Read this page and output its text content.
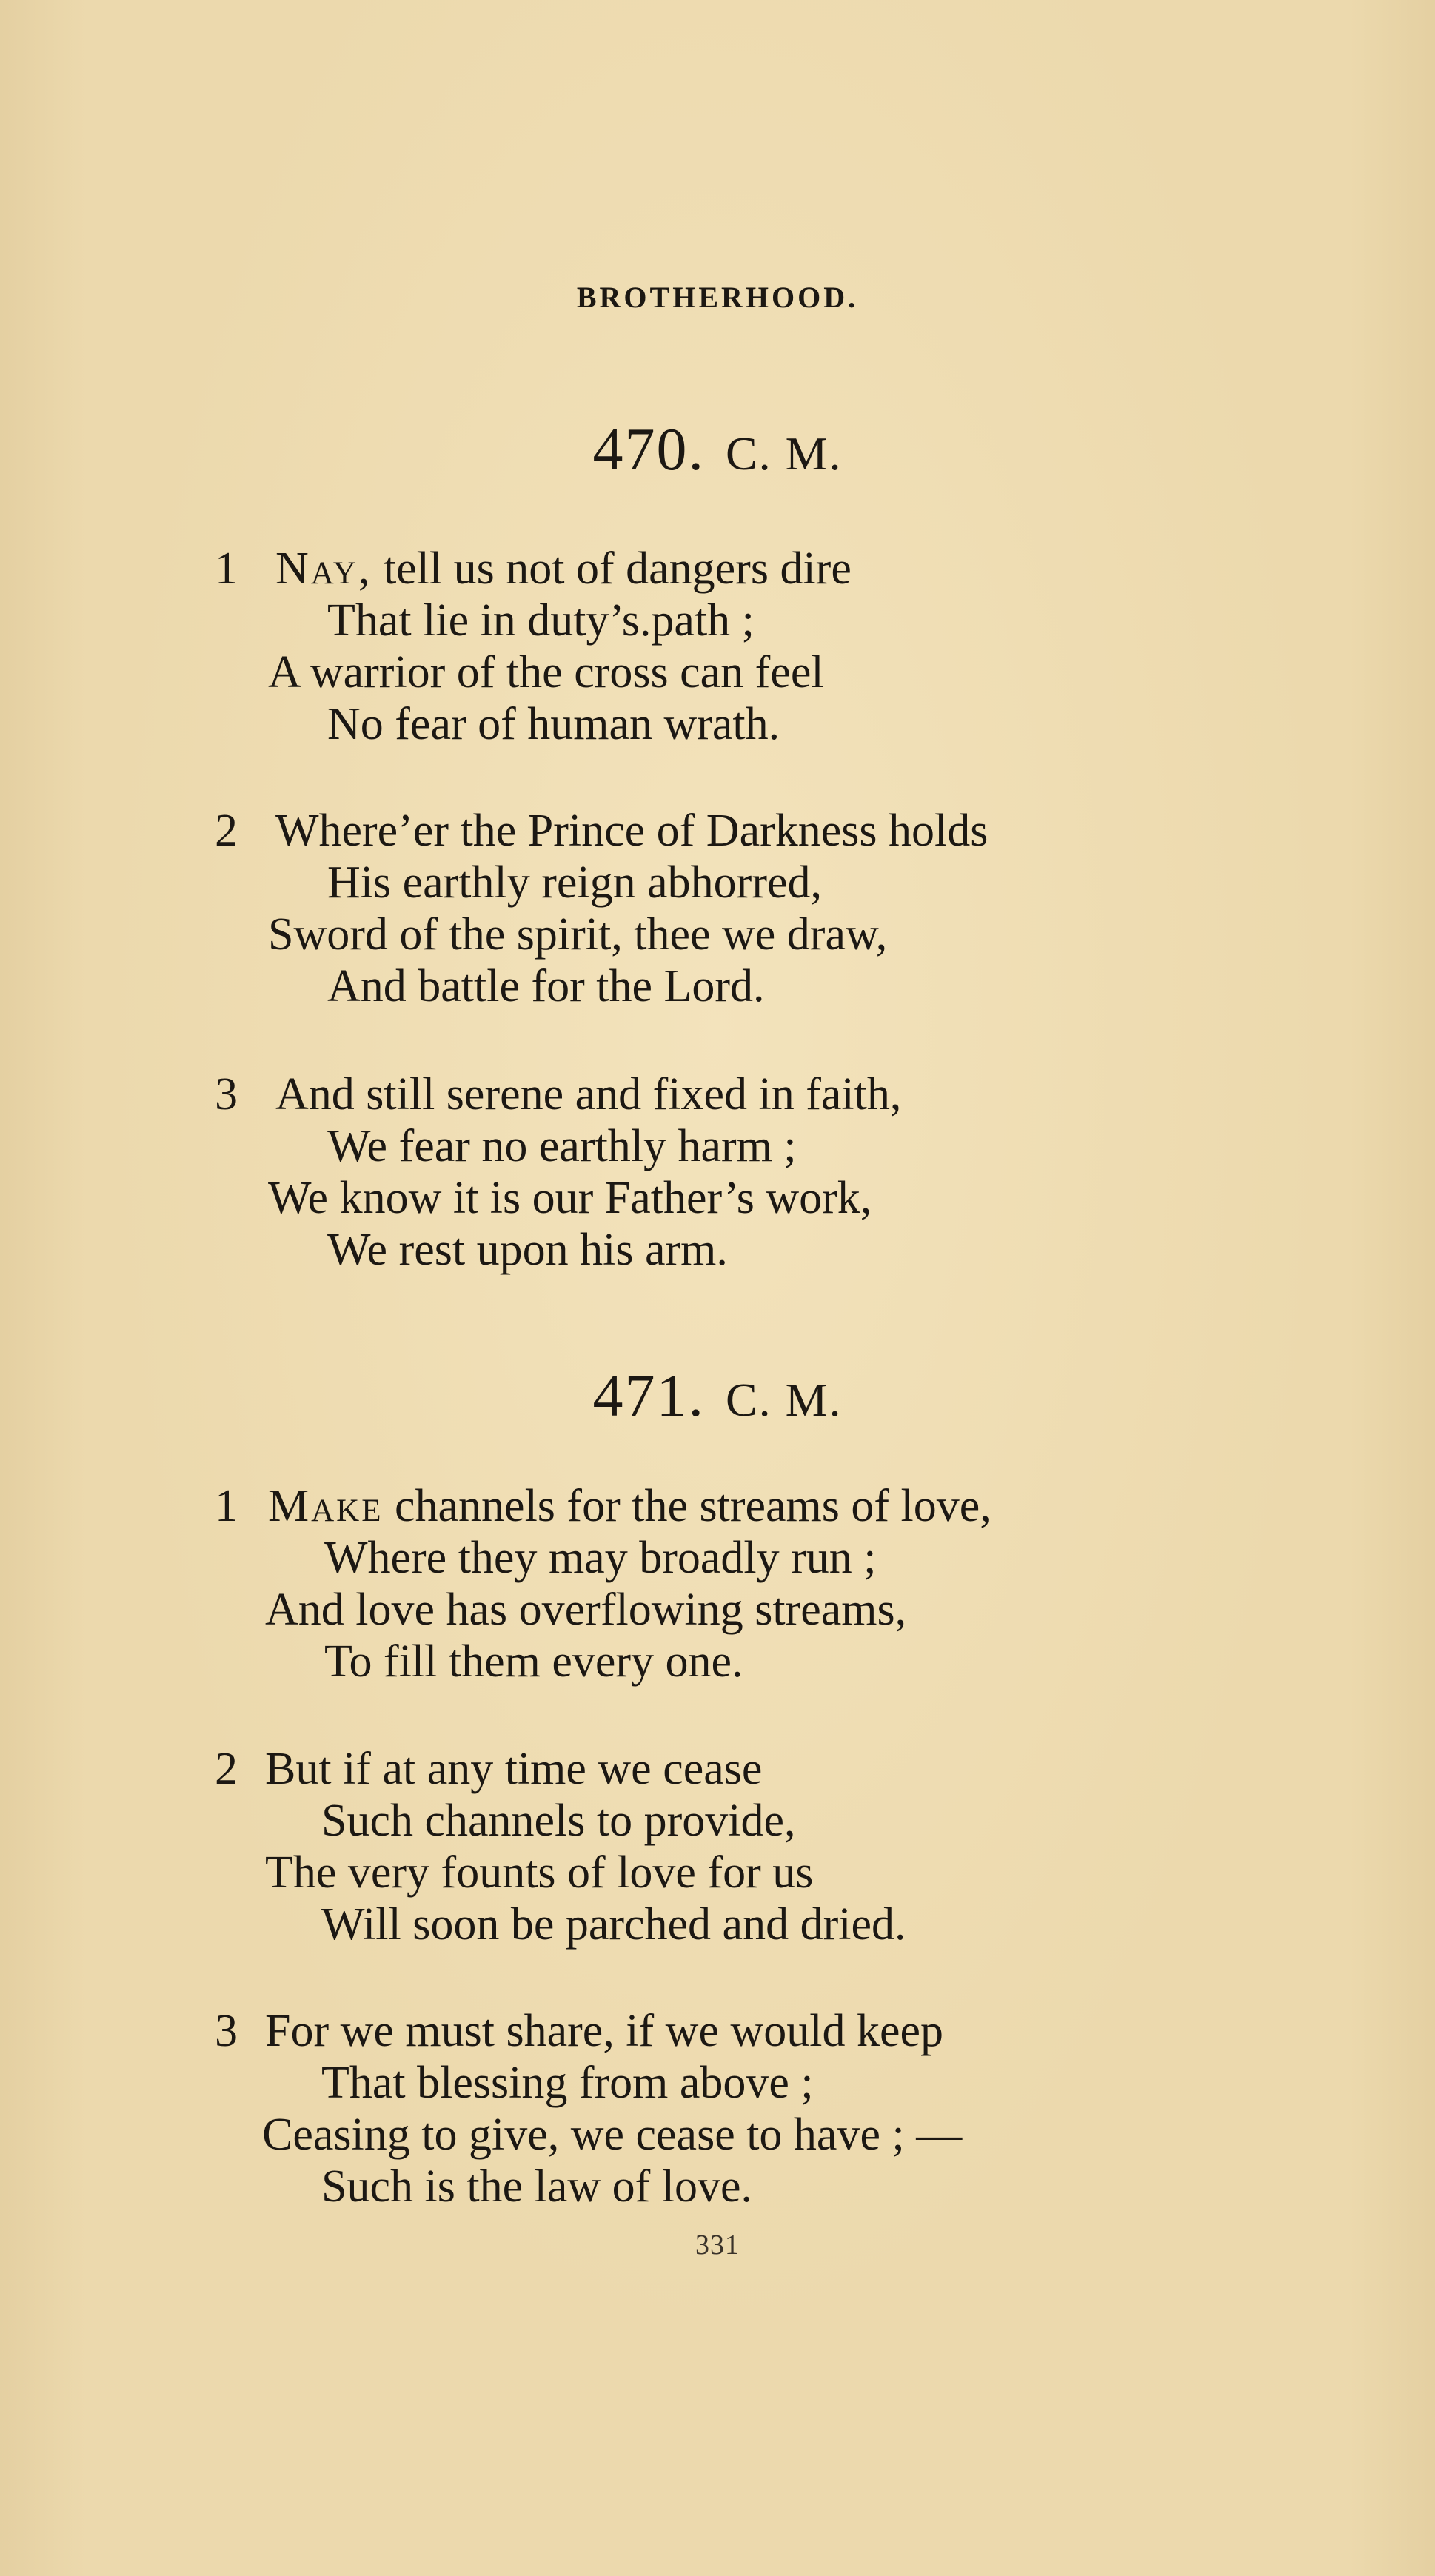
BROTHERHOOD.
470. C. M.
1 Nay, tell us not of dangers dire
That lie in duty’s.path ;
A warrior of the cross can feel
No fear of human wrath.
2 Where’er the Prince of Darkness holds
His earthly reign abhorred,
Sword of the spirit, thee we draw,
And battle for the Lord.
3 And still serene and fixed in faith,
We fear no earthly harm ;
We know it is our Father’s work,
We rest upon his arm.
471. C. M.
1 Make channels for the streams of love,
Where they may broadly run ;
And love has overflowing streams,
To fill them every one.
2 But if at any time we cease
Such channels to provide,
The very founts of love for us
Will soon be parched and dried.
3 For we must share, if we would keep
That blessing from above ;
Ceasing to give, we cease to have ; —
Such is the law of love.
331
